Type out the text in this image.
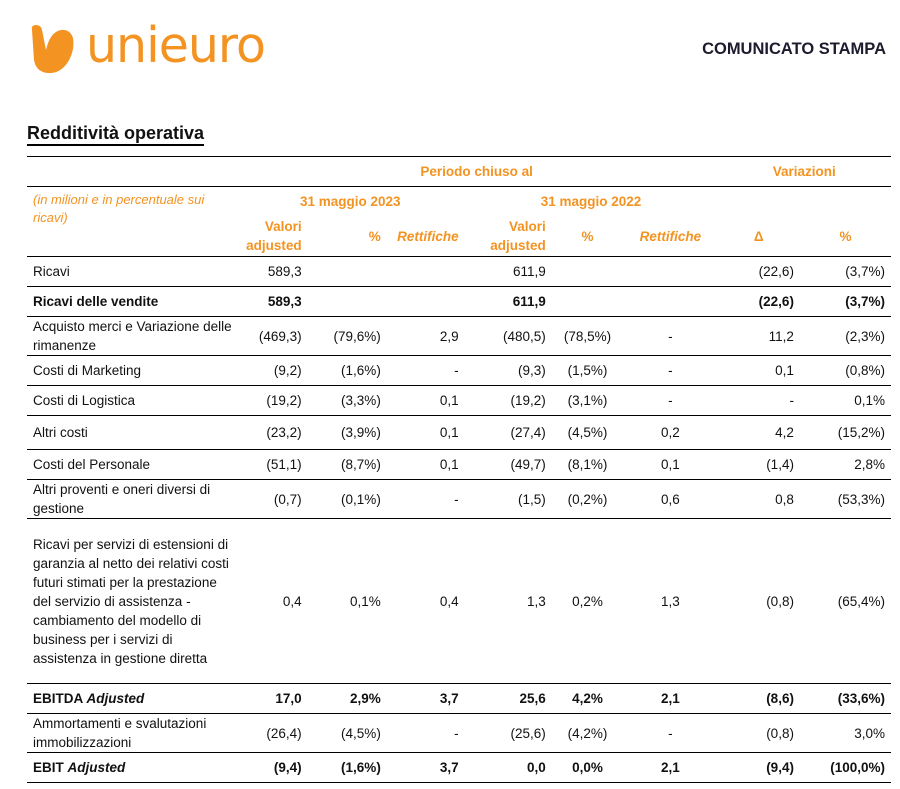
unieuro	COMUNICATO STAMPA
Redditività operativa
	Periodo chiuso al						Variazioni	
(in milioni e in percentuale sui ricavi)	31 maggio 2023			31 maggio 2022				
	Valori adjusted	%	Rettifiche	Valori adjusted	%	Rettifiche	Δ	%
Ricavi	589,3			611,9			(22,6)	(3,7%)
Ricavi delle vendite	589,3			611,9			(22,6)	(3,7%)
Acquisto merci e Variazione delle rimanenze	(469,3)	(79,6%)	2,9	(480,5)	(78,5%)	-	11,2	(2,3%)
Costi di Marketing	(9,2)	(1,6%)	-	(9,3)	(1,5%)	-	0,1	(0,8%)
Costi di Logistica	(19,2)	(3,3%)	0,1	(19,2)	(3,1%)	-	-	0,1%
Altri costi	(23,2)	(3,9%)	0,1	(27,4)	(4,5%)	0,2	4,2	(15,2%)
Costi del Personale	(51,1)	(8,7%)	0,1	(49,7)	(8,1%)	0,1	(1,4)	2,8%
Altri proventi e oneri diversi di gestione	(0,7)	(0,1%)	-	(1,5)	(0,2%)	0,6	0,8	(53,3%)
Ricavi per servizi di estensioni di garanzia al netto dei relativi costi futuri stimati per la prestazione del servizio di assistenza - cambiamento del modello di business per i servizi di assistenza in gestione diretta	0,4	0,1%	0,4	1,3	0,2%	1,3	(0,8)	(65,4%)
EBITDA Adjusted	17,0	2,9%	3,7	25,6	4,2%	2,1	(8,6)	(33,6%)
Ammortamenti e svalutazioni immobilizzazioni	(26,4)	(4,5%)	-	(25,6)	(4,2%)	-	(0,8)	3,0%
EBIT Adjusted	(9,4)	(1,6%)	3,7	0,0	0,0%	2,1	(9,4)	(100,0%)
